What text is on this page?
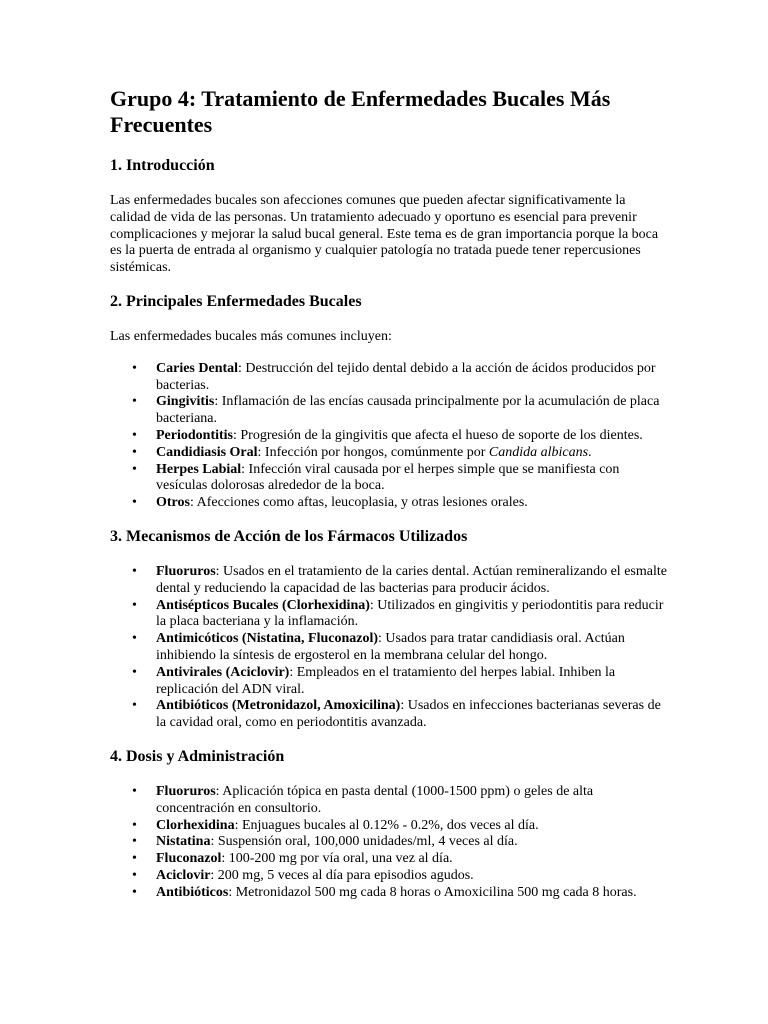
Grupo 4: Tratamiento de Enfermedades Bucales Más Frecuentes
1. Introducción

Las enfermedades bucales son afecciones comunes que pueden afectar significativamente la calidad de vida de las personas. Un tratamiento adecuado y oportuno es esencial para prevenir complicaciones y mejorar la salud bucal general. Este tema es de gran importancia porque la boca es la puerta de entrada al organismo y cualquier patología no tratada puede tener repercusiones sistémicas.

2. Principales Enfermedades Bucales

Las enfermedades bucales más comunes incluyen:

• Caries Dental: Destrucción del tejido dental debido a la acción de ácidos producidos por bacterias.
• Gingivitis: Inflamación de las encías causada principalmente por la acumulación de placa bacteriana.
• Periodontitis: Progresión de la gingivitis que afecta el hueso de soporte de los dientes.
• Candidiasis Oral: Infección por hongos, comúnmente por Candida albicans.
• Herpes Labial: Infección viral causada por el herpes simple que se manifiesta con vesículas dolorosas alrededor de la boca.
• Otros: Afecciones como aftas, leucoplasia, y otras lesiones orales.
3. Mecanismos de Acción de los Fármacos Utilizados
• Fluoruros: Usados en el tratamiento de la caries dental. Actúan remineralizando el esmalte dental y reduciendo la capacidad de las bacterias para producir ácidos.
• Antisépticos Bucales (Clorhexidina): Utilizados en gingivitis y periodontitis para reducir la placa bacteriana y la inflamación.
• Antimicóticos (Nistatina, Fluconazol): Usados para tratar candidiasis oral. Actúan inhibiendo la síntesis de ergosterol en la membrana celular del hongo.
• Antivirales (Aciclovir): Empleados en el tratamiento del herpes labial. Inhiben la replicación del ADN viral.
• Antibióticos (Metronidazol, Amoxicilina): Usados en infecciones bacterianas severas de la cavidad oral, como en periodontitis avanzada.
4. Dosis y Administración
• Fluoruros: Aplicación tópica en pasta dental (1000-1500 ppm) o geles de alta concentración en consultorio.
• Clorhexidina: Enjuagues bucales al 0.12% - 0.2%, dos veces al día.
• Nistatina: Suspensión oral, 100,000 unidades/ml, 4 veces al día.
• Fluconazol: 100-200 mg por vía oral, una vez al día.
• Aciclovir: 200 mg, 5 veces al día para episodios agudos.
• Antibióticos: Metronidazol 500 mg cada 8 horas o Amoxicilina 500 mg cada 8 horas.
